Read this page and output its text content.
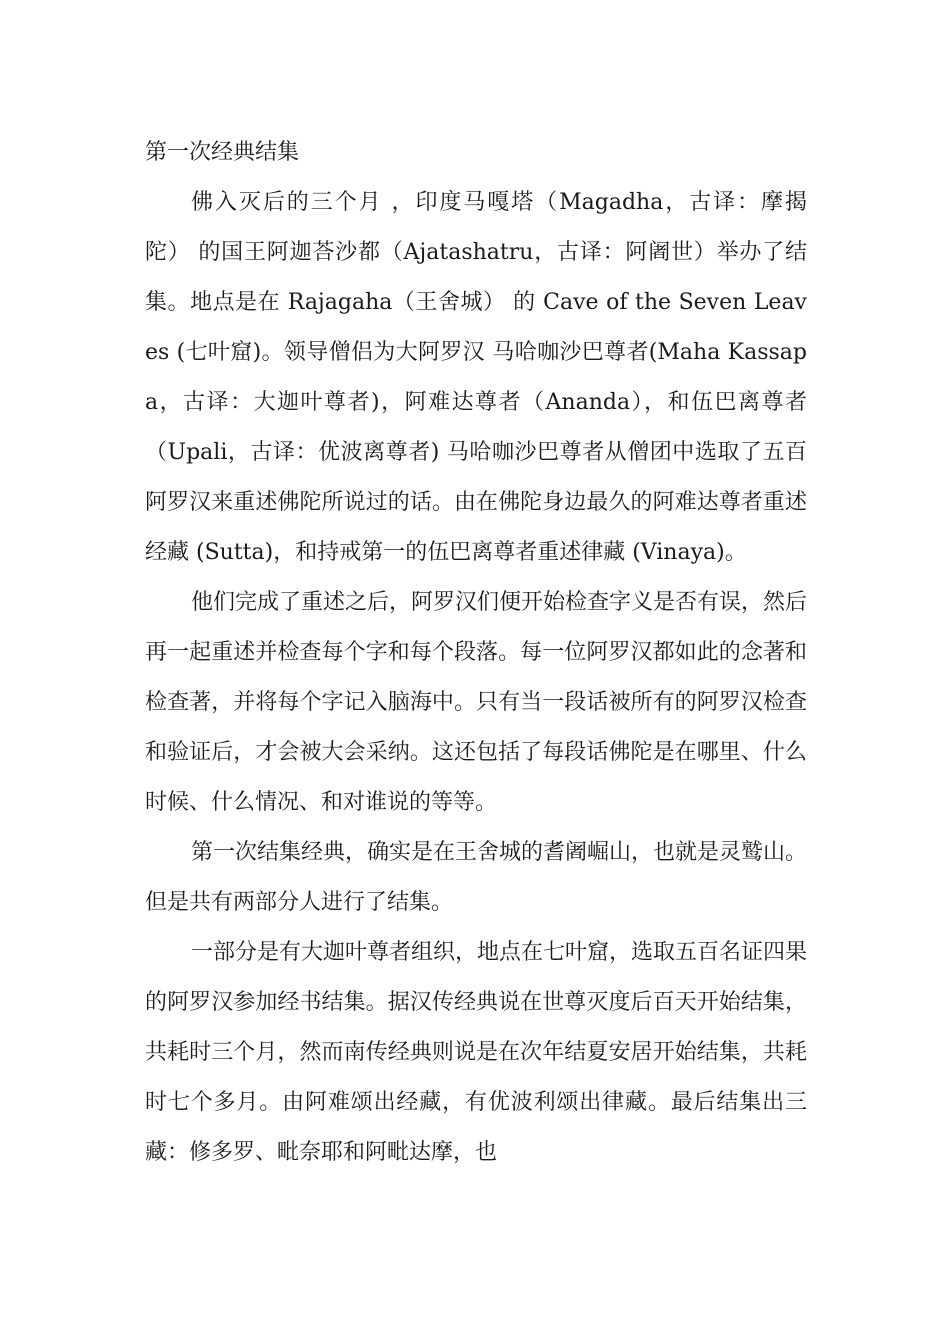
第一次经典结集

佛入灭后的三个月 ，印度马嘎塔（Magadha，古译：摩揭陀） 的国王阿迦荅沙都（Ajatashatru，古译：阿阇世）举办了结集。地点是在 Rajagaha（王舍城） 的 Cave of the Seven Leaves (七叶窟)。领导僧侣为大阿罗汉 马哈咖沙巴尊者(Maha Kassapa，古译：大迦叶尊者)，阿难达尊者（Ananda），和伍巴离尊者（Upali，古译：优波离尊者) 马哈咖沙巴尊者从僧团中选取了五百阿罗汉来重述佛陀所说过的话。由在佛陀身边最久的阿难达尊者重述经藏 (Sutta)，和持戒第一的伍巴离尊者重述律藏 (Vinaya)。

他们完成了重述之后，阿罗汉们便开始检查字义是否有误，然后再一起重述并检查每个字和每个段落。每一位阿罗汉都如此的念著和检查著，并将每个字记入脑海中。只有当一段话被所有的阿罗汉检查和验证后，才会被大会采纳。这还包括了每段话佛陀是在哪里、什么时候、什么情况、和对谁说的等等。

第一次结集经典，确实是在王舍城的耆阇崛山，也就是灵鹫山。但是共有两部分人进行了结集。

一部分是有大迦叶尊者组织，地点在七叶窟，选取五百名证四果的阿罗汉参加经书结集。据汉传经典说在世尊灭度后百天开始结集，共耗时三个月，然而南传经典则说是在次年结夏安居开始结集，共耗时七个多月。由阿难颂出经藏，有优波利颂出律藏。最后结集出三藏：修多罗、毗奈耶和阿毗达摩，也
